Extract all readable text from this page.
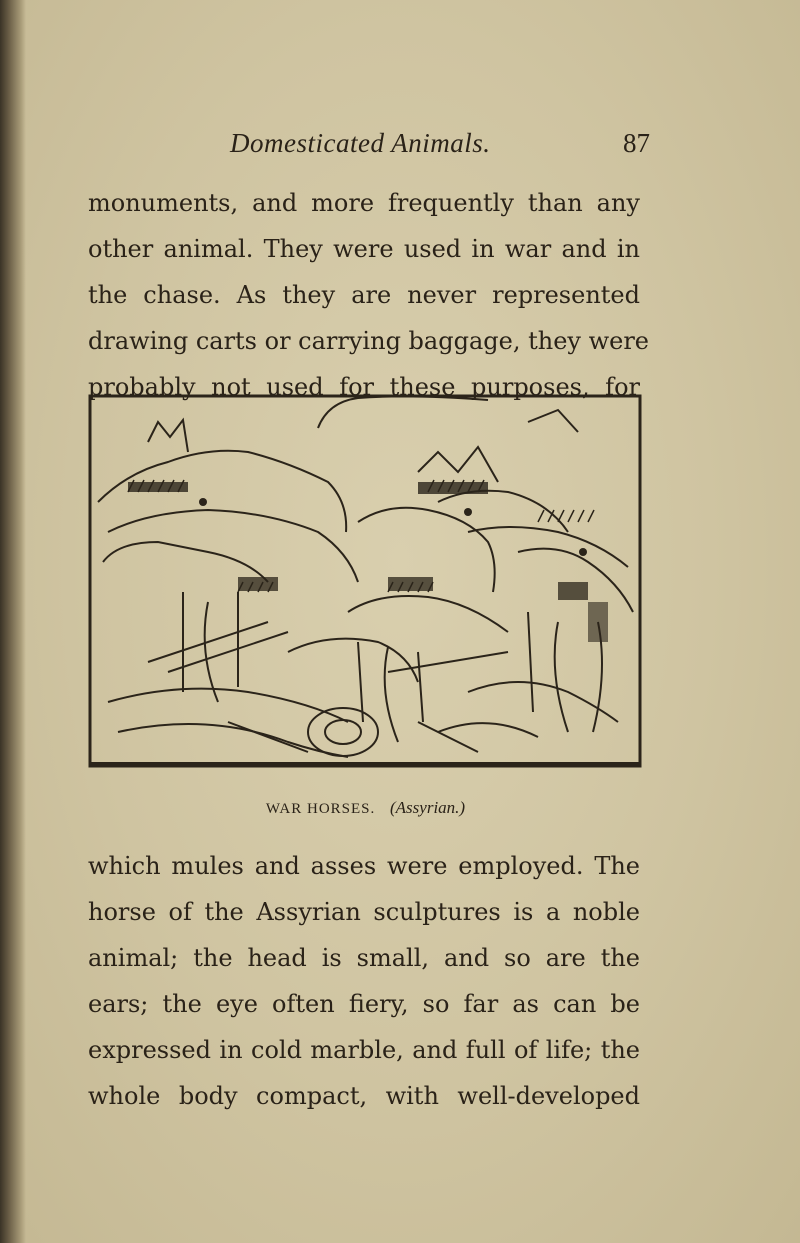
Domesticated Animals.	87

monuments, and more frequently than any
other animal. They were used in war and in
the chase. As they are never represented
drawing carts or carrying baggage, they were
probably not used for these purposes, for

WAR HORSES. (Assyrian.)

which mules and asses were employed. The
horse of the Assyrian sculptures is a noble
animal; the head is small, and so are the
ears; the eye often fiery, so far as can be
expressed in cold marble, and full of life; the
whole body compact, with well-developed
